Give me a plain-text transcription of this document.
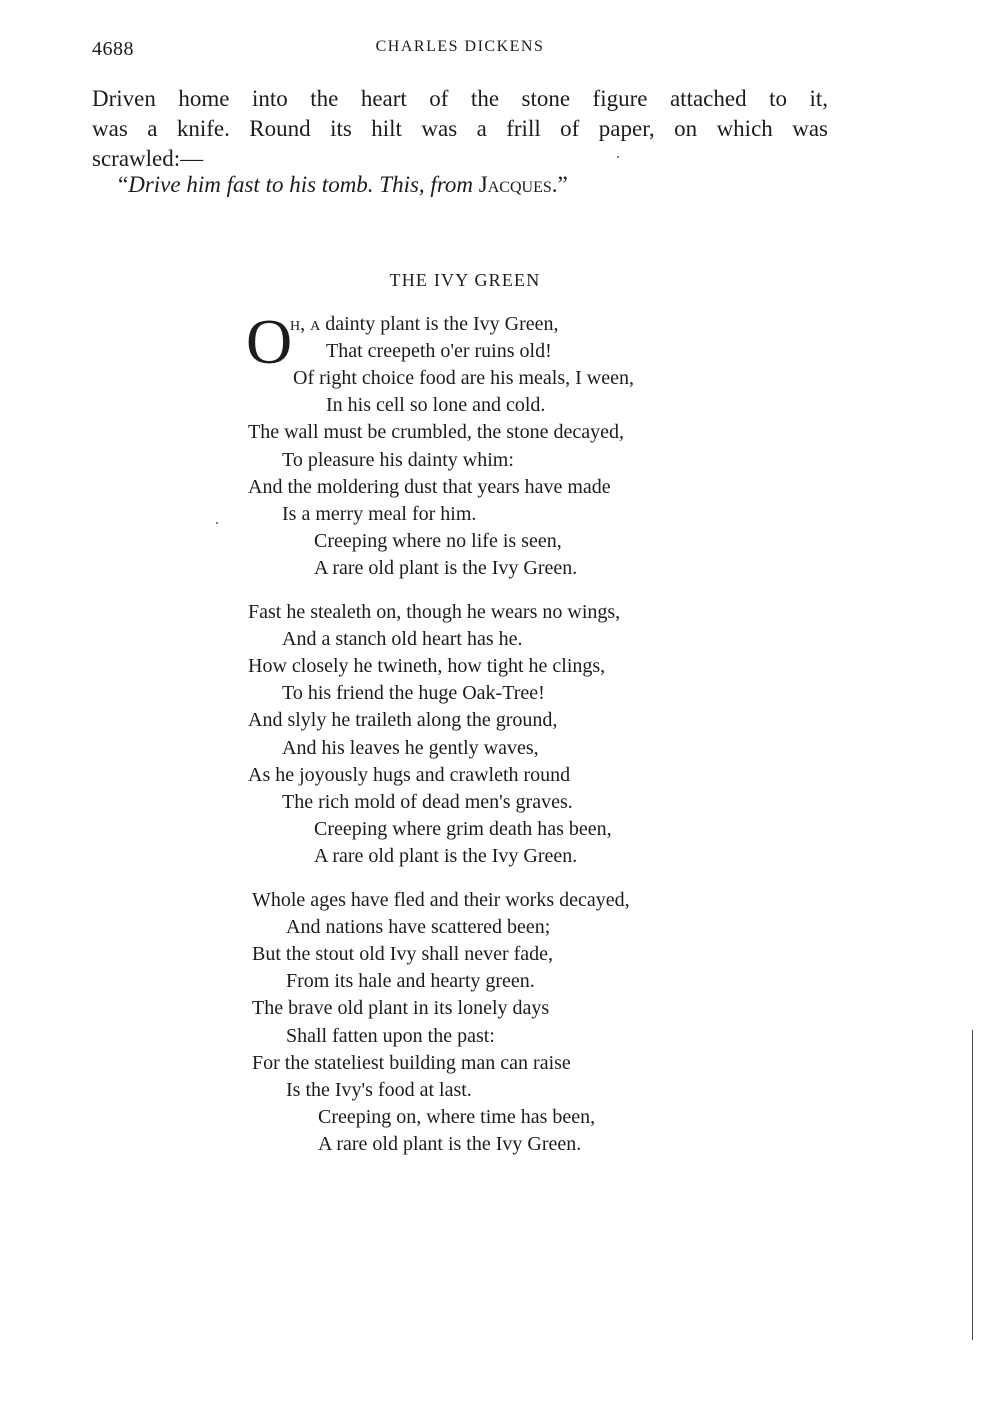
4688	CHARLES DICKENS
Driven home into the heart of the stone figure attached to it,
was a knife. Round its hilt was a frill of paper, on which was
scrawled:—
“Drive him fast to his tomb. This, from Jacques.”
THE IVY GREEN
O
h, a dainty plant is the Ivy Green,
That creepeth o'er ruins old!
Of right choice food are his meals, I ween,
In his cell so lone and cold.
The wall must be crumbled, the stone decayed,
To pleasure his dainty whim:
And the moldering dust that years have made
Is a merry meal for him.
Creeping where no life is seen,
A rare old plant is the Ivy Green.
Fast he stealeth on, though he wears no wings,
And a stanch old heart has he.
How closely he twineth, how tight he clings,
To his friend the huge Oak-Tree!
And slyly he traileth along the ground,
And his leaves he gently waves,
As he joyously hugs and crawleth round
The rich mold of dead men's graves.
Creeping where grim death has been,
A rare old plant is the Ivy Green.
Whole ages have fled and their works decayed,
And nations have scattered been;
But the stout old Ivy shall never fade,
From its hale and hearty green.
The brave old plant in its lonely days
Shall fatten upon the past:
For the stateliest building man can raise
Is the Ivy's food at last.
Creeping on, where time has been,
A rare old plant is the Ivy Green.
